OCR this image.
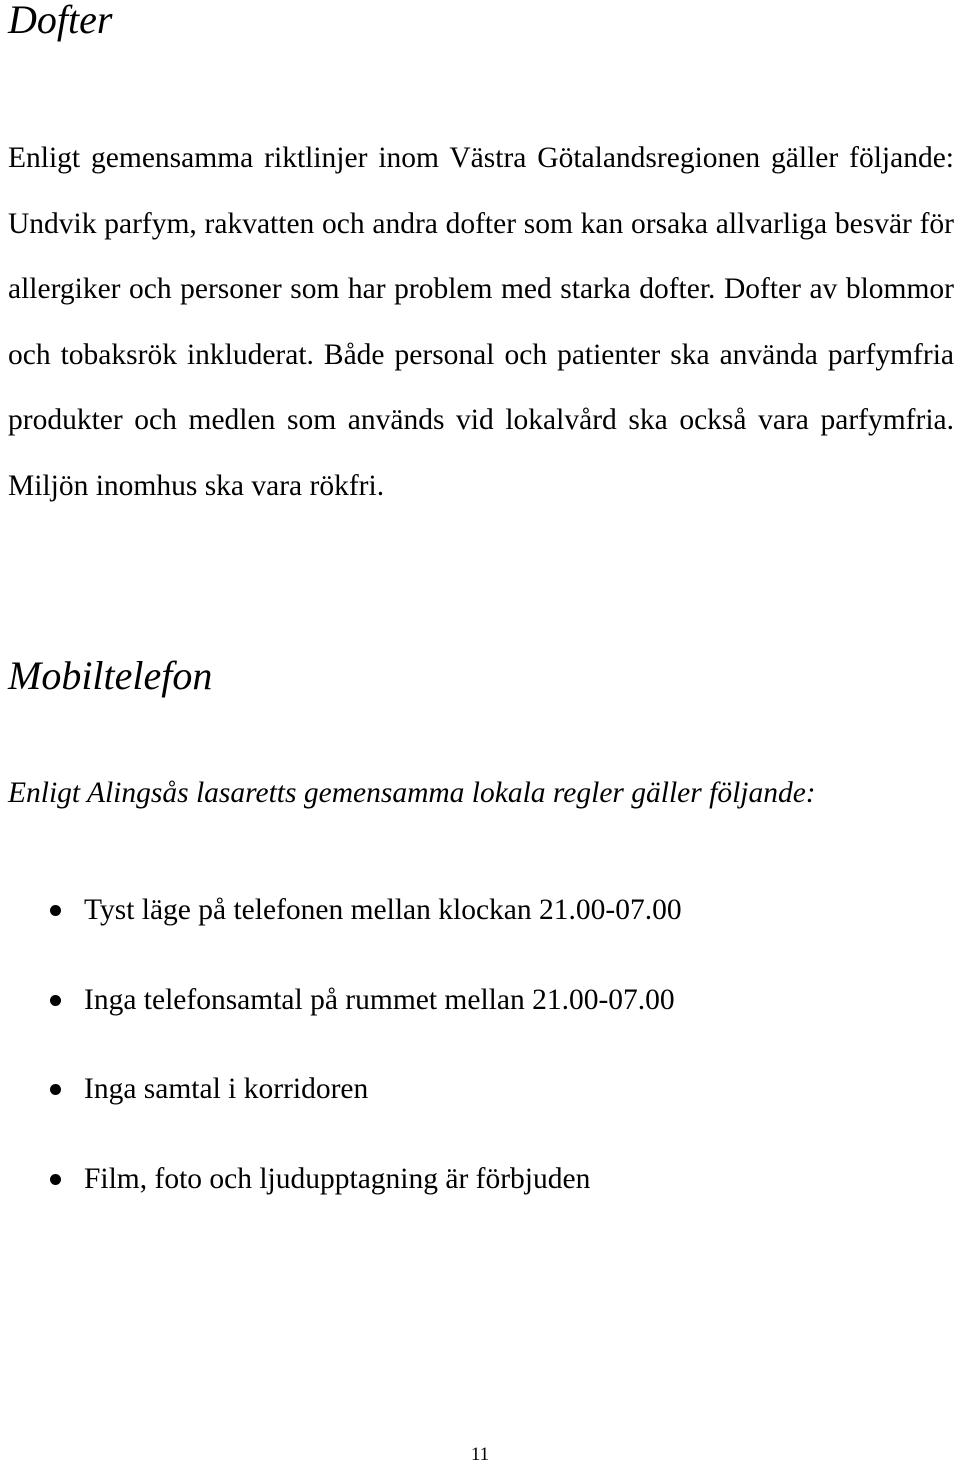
Dofter

Enligt gemensamma riktlinjer inom Västra Götalandsregionen gäller följande: Undvik parfym, rakvatten och andra dofter som kan orsaka allvarliga besvär för allergiker och personer som har problem med starka dofter. Dofter av blommor och tobaksrök inkluderat. Både personal och patienter ska använda parfymfria produkter och medlen som används vid lokalvård ska också vara parfymfria. Miljön inomhus ska vara rökfri.

Mobiltelefon

Enligt Alingsås lasaretts gemensamma lokala regler gäller följande:

Tyst läge på telefonen mellan klockan 21.00-07.00
Inga telefonsamtal på rummet mellan 21.00-07.00
Inga samtal i korridoren
Film, foto och ljudupptagning är förbjuden
11
